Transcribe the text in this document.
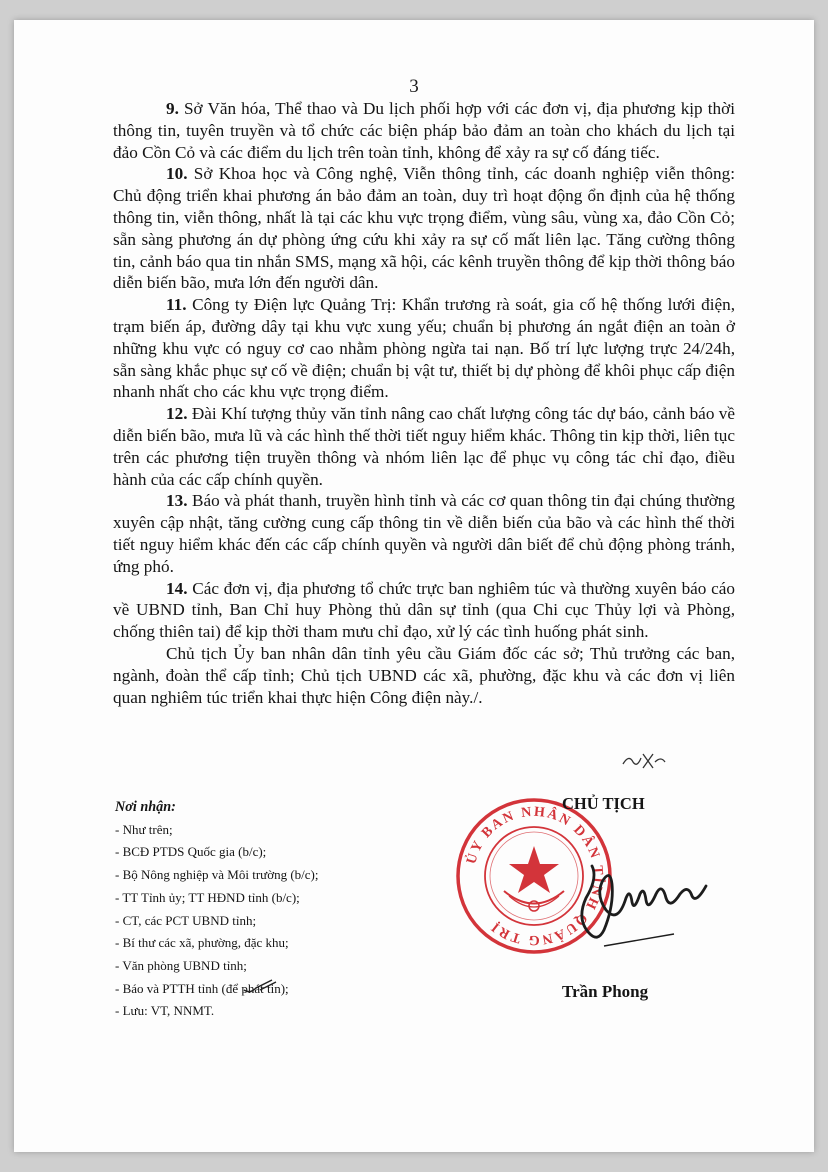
3

9. Sở Văn hóa, Thể thao và Du lịch phối hợp với các đơn vị, địa phương kịp thời thông tin, tuyên truyền và tổ chức các biện pháp bảo đảm an toàn cho khách du lịch tại đảo Cồn Cỏ và các điểm du lịch trên toàn tỉnh, không để xảy ra sự cố đáng tiếc.

10. Sở Khoa học và Công nghệ, Viễn thông tỉnh, các doanh nghiệp viễn thông: Chủ động triển khai phương án bảo đảm an toàn, duy trì hoạt động ổn định của hệ thống thông tin, viễn thông, nhất là tại các khu vực trọng điểm, vùng sâu, vùng xa, đảo Cồn Cỏ; sẵn sàng phương án dự phòng ứng cứu khi xảy ra sự cố mất liên lạc. Tăng cường thông tin, cảnh báo qua tin nhắn SMS, mạng xã hội, các kênh truyền thông để kịp thời thông báo diễn biến bão, mưa lớn đến người dân.

11. Công ty Điện lực Quảng Trị: Khẩn trương rà soát, gia cố hệ thống lưới điện, trạm biến áp, đường dây tại khu vực xung yếu; chuẩn bị phương án ngắt điện an toàn ở những khu vực có nguy cơ cao nhằm phòng ngừa tai nạn. Bố trí lực lượng trực 24/24h, sẵn sàng khắc phục sự cố về điện; chuẩn bị vật tư, thiết bị dự phòng để khôi phục cấp điện nhanh nhất cho các khu vực trọng điểm.

12. Đài Khí tượng thủy văn tỉnh nâng cao chất lượng công tác dự báo, cảnh báo về diễn biến bão, mưa lũ và các hình thế thời tiết nguy hiểm khác. Thông tin kịp thời, liên tục trên các phương tiện truyền thông và nhóm liên lạc để phục vụ công tác chỉ đạo, điều hành của các cấp chính quyền.

13. Báo và phát thanh, truyền hình tỉnh và các cơ quan thông tin đại chúng thường xuyên cập nhật, tăng cường cung cấp thông tin về diễn biến của bão và các hình thế thời tiết nguy hiểm khác đến các cấp chính quyền và người dân biết để chủ động phòng tránh, ứng phó.

14. Các đơn vị, địa phương tổ chức trực ban nghiêm túc và thường xuyên báo cáo về UBND tỉnh, Ban Chỉ huy Phòng thủ dân sự tỉnh (qua Chi cục Thủy lợi và Phòng, chống thiên tai) để kịp thời tham mưu chỉ đạo, xử lý các tình huống phát sinh.

Chủ tịch Ủy ban nhân dân tỉnh yêu cầu Giám đốc các sở; Thủ trưởng các ban, ngành, đoàn thể cấp tỉnh; Chủ tịch UBND các xã, phường, đặc khu và các đơn vị liên quan nghiêm túc triển khai thực hiện Công điện này./.

Nơi nhận:
- Như trên;
- BCĐ PTDS Quốc gia (b/c);
- Bộ Nông nghiệp và Môi trường (b/c);
- TT Tỉnh ủy; TT HĐND tỉnh (b/c);
- CT, các PCT UBND tỉnh;
- Bí thư các xã, phường, đặc khu;
- Văn phòng UBND tỉnh;
- Báo và PTTH tỉnh (để phát tin);
- Lưu: VT, NNMT.
ỦY BAN NHÂN DÂN TỈNH QUẢNG TRỊ
CHỦ TỊCH
Trần Phong
